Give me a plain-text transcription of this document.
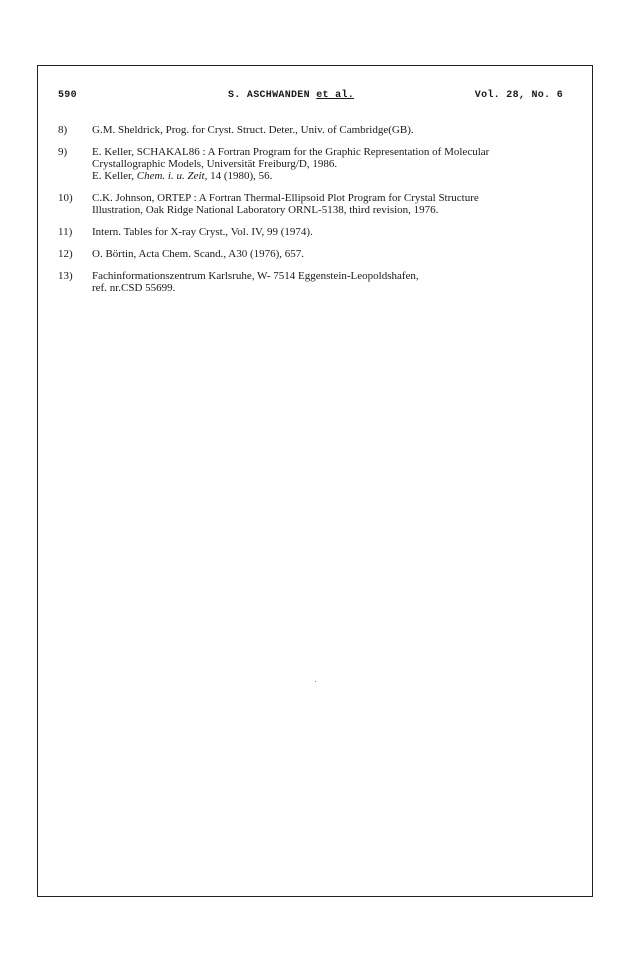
590	S. ASCHWANDEN et al.	Vol. 28, No. 6
8) G.M. Sheldrick, Prog. for Cryst. Struct. Deter., Univ. of Cambridge(GB).
9) E. Keller, SCHAKAL86 : A Fortran Program for the Graphic Representation of Molecular
Crystallographic Models, Universität Freiburg/D, 1986.
E. Keller, Chem. i. u. Zeit, 14 (1980), 56.
10) C.K. Johnson, ORTEP : A Fortran Thermal-Ellipsoid Plot Program for Crystal Structure
Illustration, Oak Ridge National Laboratory ORNL-5138, third revision, 1976.
11) Intern. Tables for X-ray Cryst., Vol. IV, 99 (1974).
12) O. Börtin, Acta Chem. Scand., A30 (1976), 657.
13) Fachinformationszentrum Karlsruhe, W- 7514 Eggenstein-Leopoldshafen,
ref. nr.CSD 55699.
